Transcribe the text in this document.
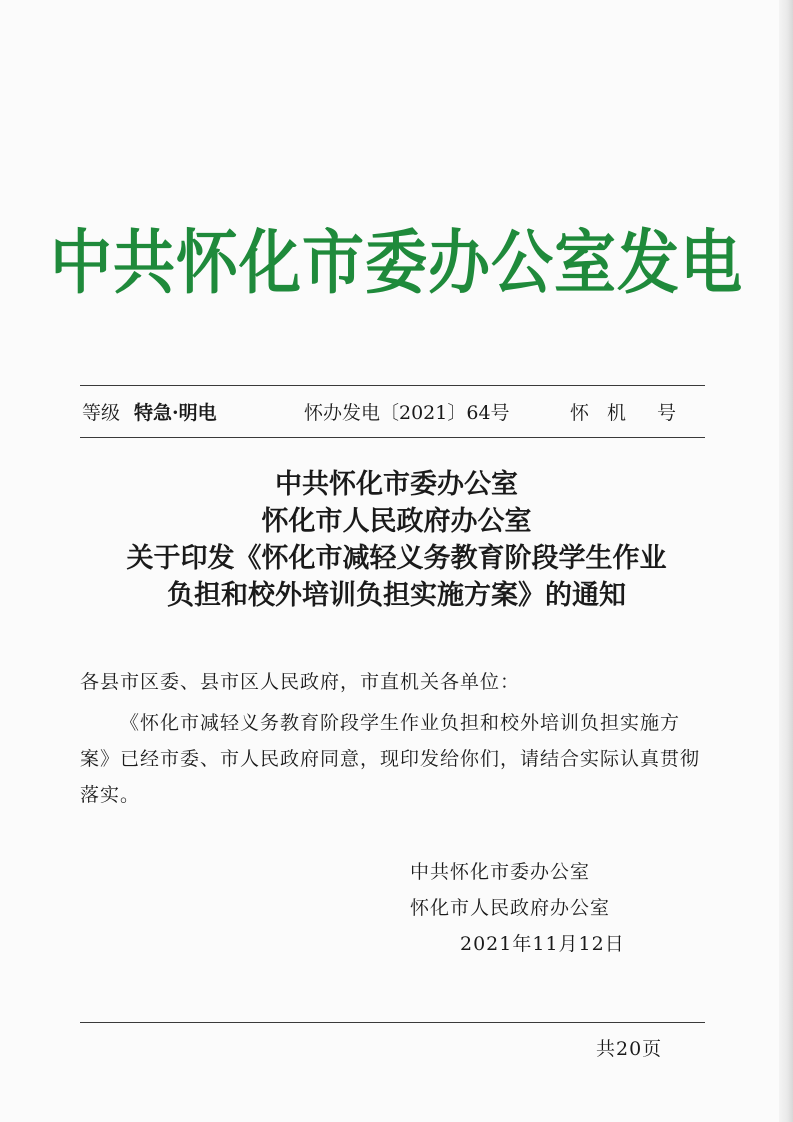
中共怀化市委办公室发电
等级 特急·明电	怀办发电〔2021〕64号	怀机 号
中共怀化市委办公室
怀化市人民政府办公室
关于印发《怀化市减轻义务教育阶段学生作业
负担和校外培训负担实施方案》的通知
各县市区委、县市区人民政府，市直机关各单位：

《怀化市减轻义务教育阶段学生作业负担和校外培训负担实施方案》已经市委、市人民政府同意，现印发给你们，请结合实际认真贯彻落实。

中共怀化市委办公室
怀化市人民政府办公室
2021年11月12日
共20页
